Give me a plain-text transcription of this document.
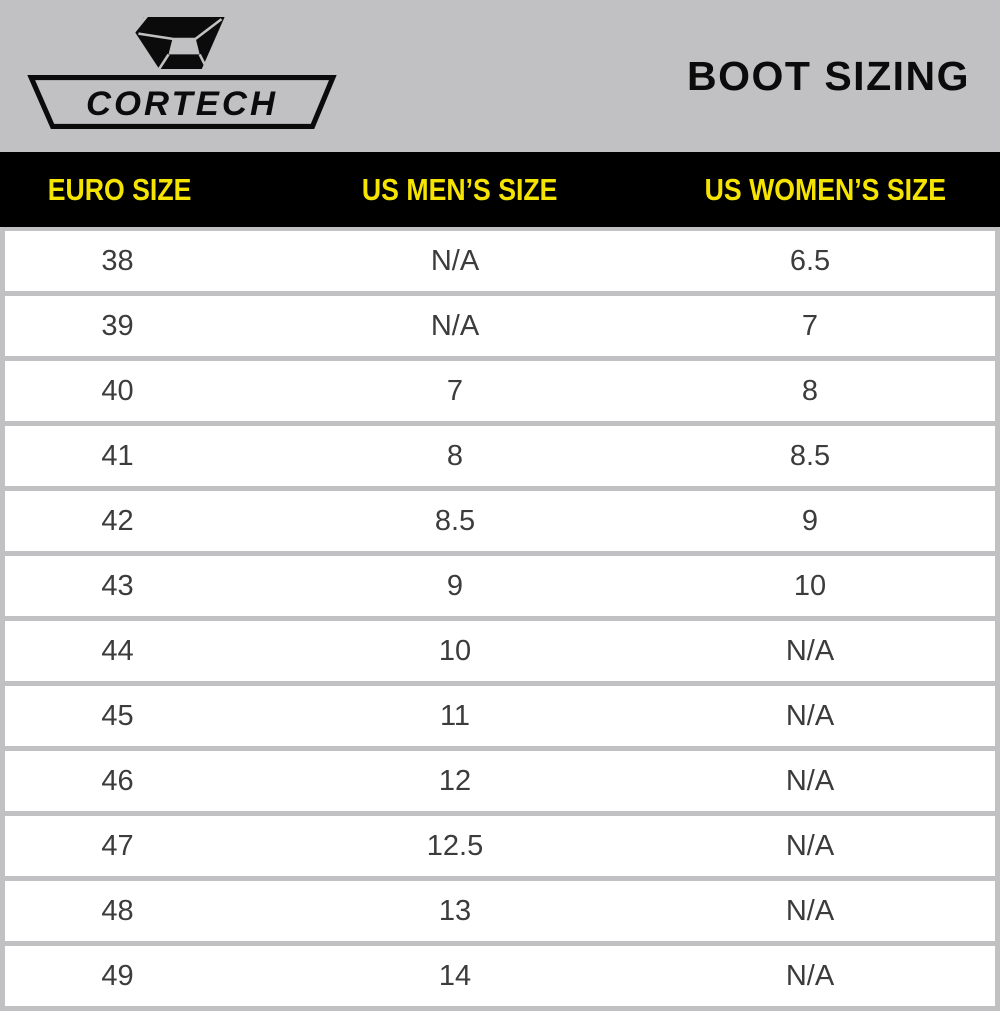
CORTECH
BOOT SIZING
EURO SIZE	US MEN’S SIZE	US WOMEN’S SIZE
38	N/A	6.5
39	N/A	7
40	7	8
41	8	8.5
42	8.5	9
43	9	10
44	10	N/A
45	11	N/A
46	12	N/A
47	12.5	N/A
48	13	N/A
49	14	N/A
